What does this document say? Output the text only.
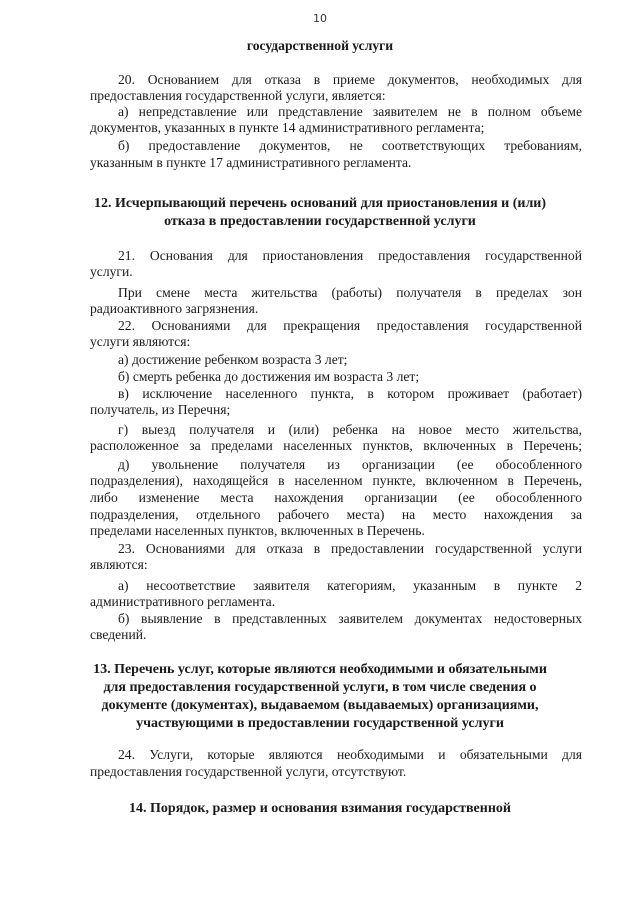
10
государственной услуги
20. Основанием для отказа в приеме документов, необходимых для
предоставления государственной услуги, является:
а) непредставление или представление заявителем не в полном объеме
документов, указанных в пункте 14 административного регламента;
б) предоставление документов, не соответствующих требованиям,
указанным в пункте 17 административного регламента.
12. Исчерпывающий перечень оснований для приостановления и (или)
отказа в предоставлении государственной услуги
21. Основания для приостановления предоставления государственной
услуги.
При смене места жительства (работы) получателя в пределах зон
радиоактивного загрязнения.
22. Основаниями для прекращения предоставления государственной
услуги являются:
а) достижение ребенком возраста 3 лет;
б) смерть ребенка до достижения им возраста 3 лет;
в) исключение населенного пункта, в котором проживает (работает)
получатель, из Перечня;
г) выезд получателя и (или) ребенка на новое место жительства,
расположенное за пределами населенных пунктов, включенных в Перечень;
д) увольнение получателя из организации (ее обособленного
подразделения), находящейся в населенном пункте, включенном в Перечень,
либо изменение места нахождения организации (ее обособленного
подразделения, отдельного рабочего места) на место нахождения за
пределами населенных пунктов, включенных в Перечень.
23. Основаниями для отказа в предоставлении государственной услуги
являются:
а) несоответствие заявителя категориям, указанным в пункте 2
административного регламента.
б) выявление в представленных заявителем документах недостоверных
сведений.
13. Перечень услуг, которые являются необходимыми и обязательными
для предоставления государственной услуги, в том числе сведения о
документе (документах), выдаваемом (выдаваемых) организациями,
участвующими в предоставлении государственной услуги
24. Услуги, которые являются необходимыми и обязательными для
предоставления государственной услуги, отсутствуют.
14. Порядок, размер и основания взимания государственной
